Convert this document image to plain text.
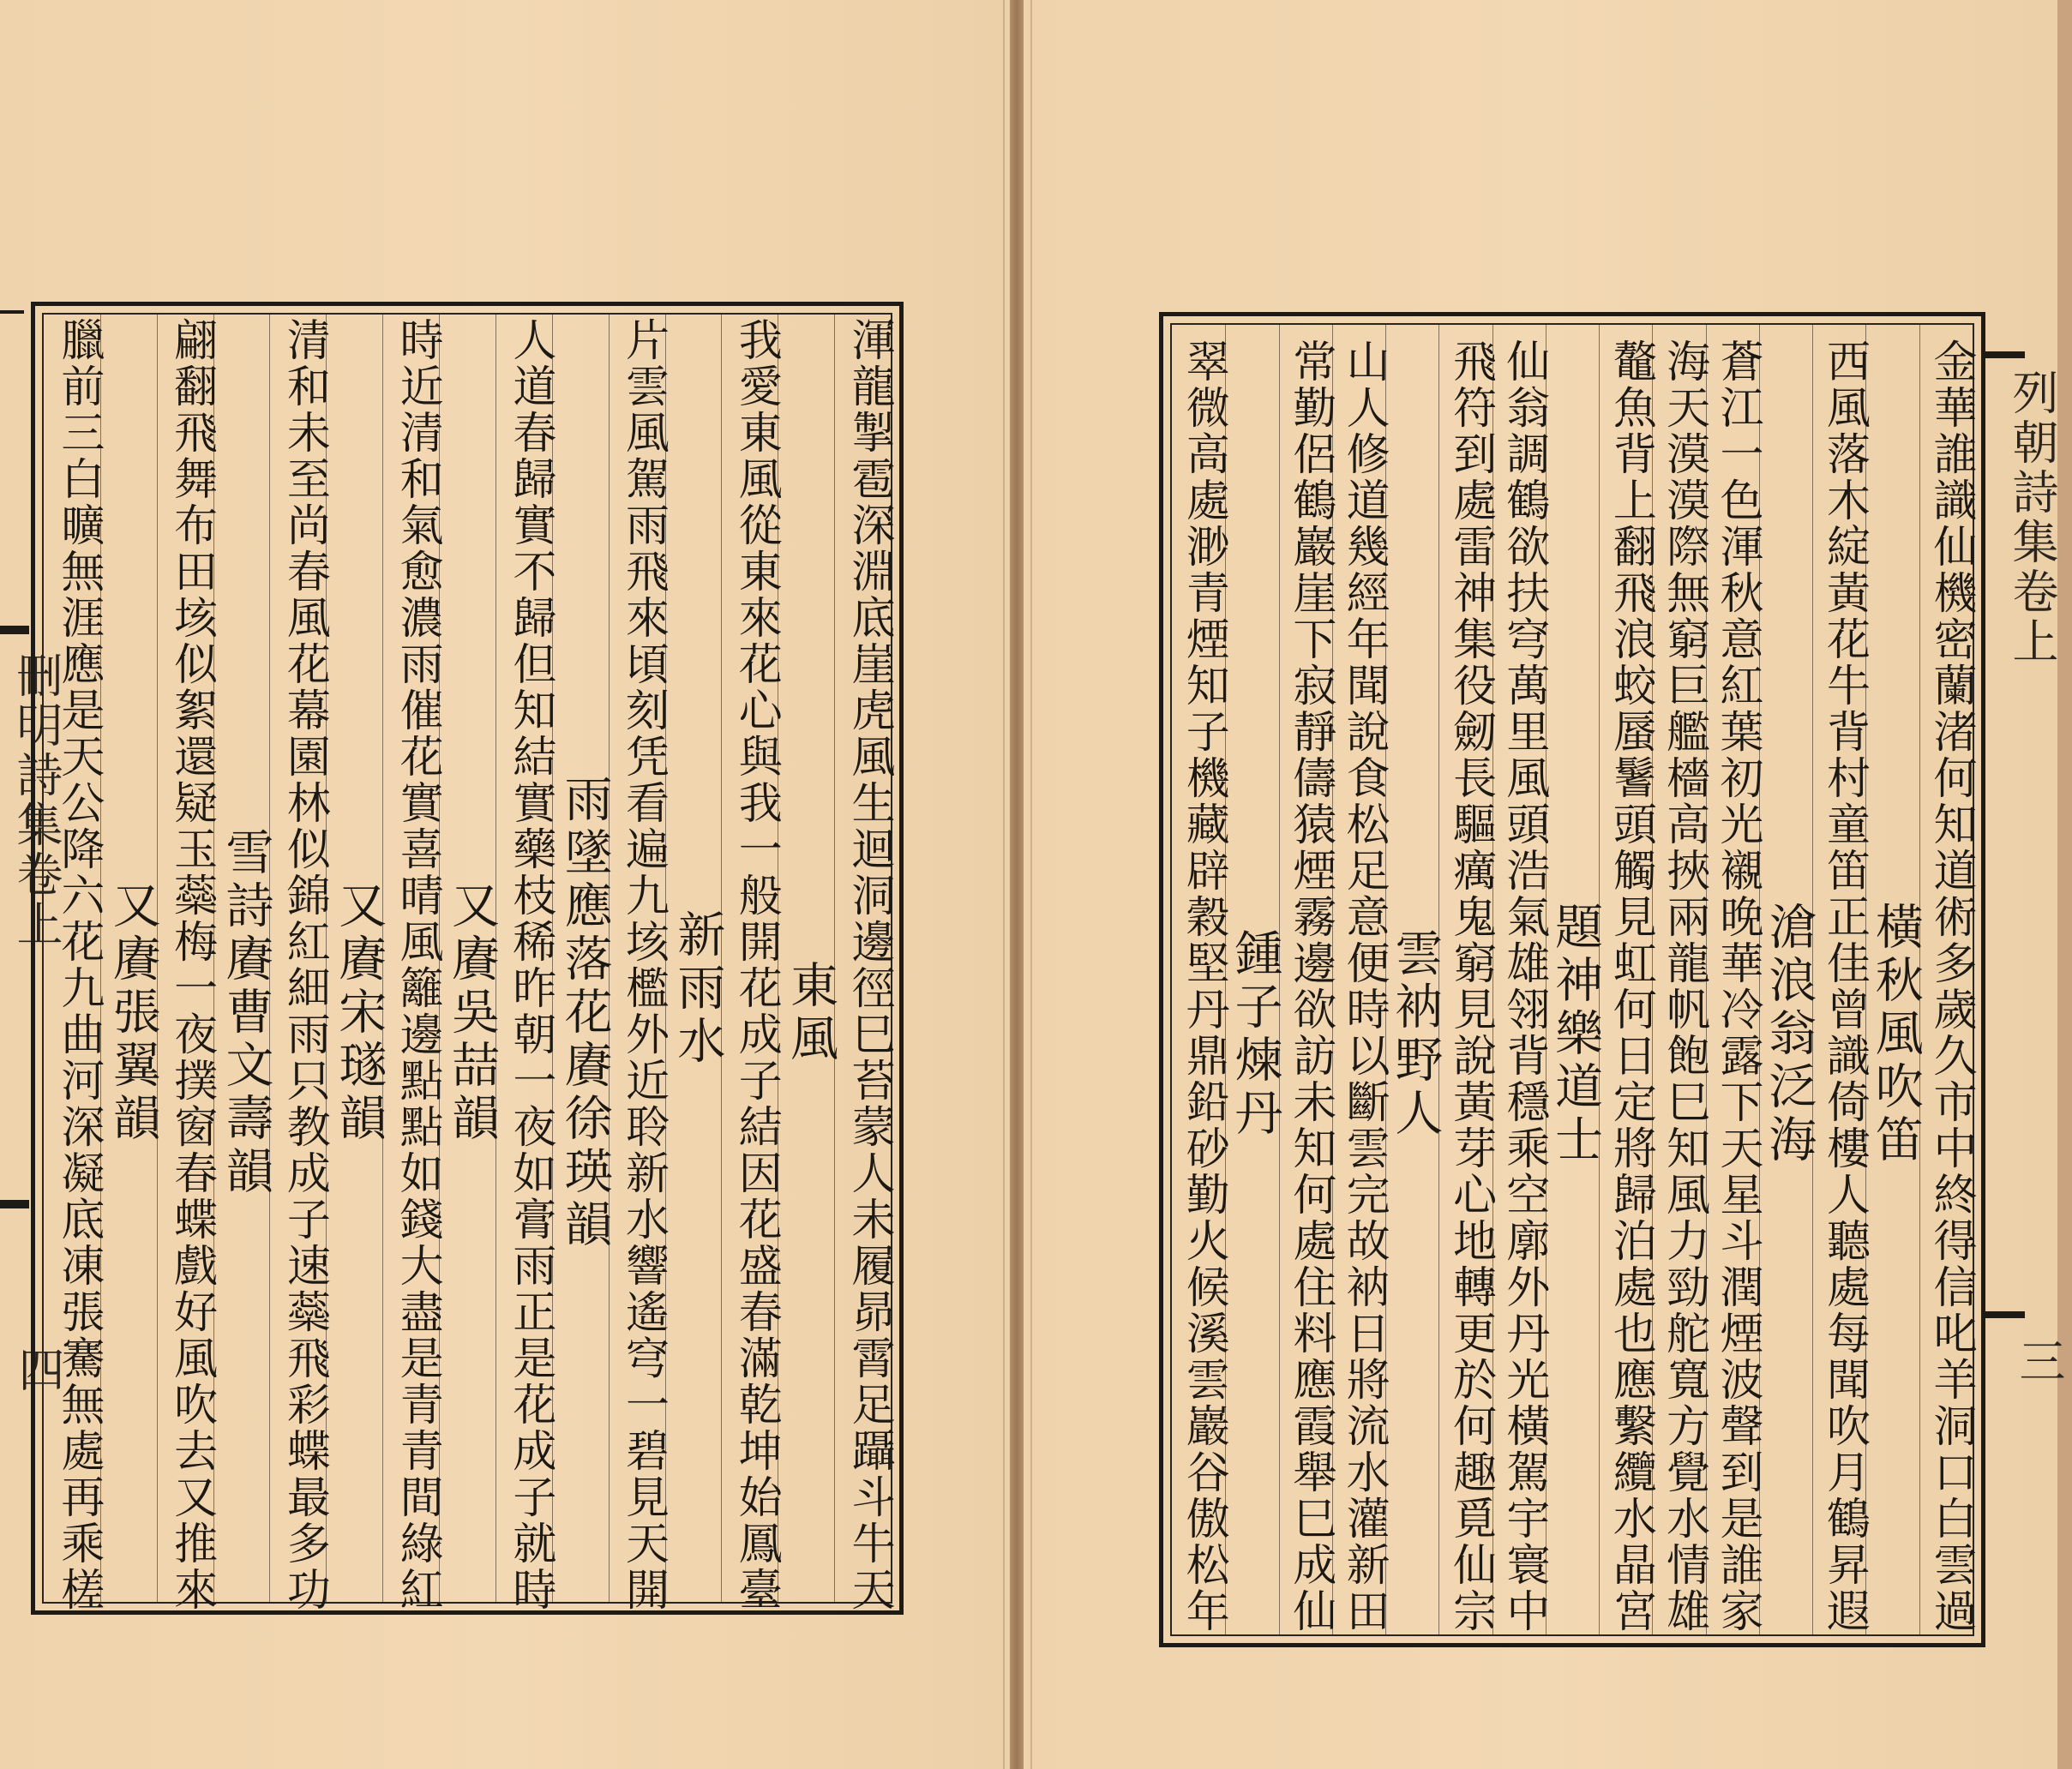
刪明詩集卷上
四	渾龍掣雹深淵底崖虎風生迴洞邊徑巳苔蒙人未履昴霄足躡斗牛天
東風
我愛東風從東來花心與我一般開花成子結因花盛春滿乾坤始鳳臺
新雨水
片雲風駕雨飛來頃刻凭看遍九垓檻外近聆新水響遙穹一碧見天開
雨墜應落花賡徐瑛韻
人道春歸實不歸但知結實藥枝稀昨朝一夜如膏雨正是花成子就時
又賡吳喆韻
時近清和氣愈濃雨催花實喜晴風籬邊點點如錢大盡是青青間綠紅
又賡宋璲韻
清和未至尚春風花幕園林似錦紅細雨只教成子速蘂飛彩蝶最多功
雪詩賡曹文壽韻
翩翻飛舞布田垓似絮還疑玉蘂梅一夜撲窗春蝶戲好風吹去又推來
又賡張翼韻
臘前三白曠無涯應是天公降六花九曲河深凝底凍張騫無處再乘槎	列朝詩集卷上
三
金華誰識仙機密蘭渚何知道術多歲久市中終得信叱羊洞口白雲過
橫秋風吹笛
西風落木綻黃花牛背村童笛正佳曾識倚樓人聽處每聞吹月鶴昇遐
滄浪翁泛海
蒼江一色渾秋意紅葉初光襯晚華冷露下天星斗潤煙波聲到是誰家
海天漠漠際無窮巨艦檣高挾兩龍帆飽巳知風力勁舵寬方覺水情雄
鼇魚背上翻飛浪蛟蜃鬐頭觸見虹何日定將歸泊處也應繫纜水晶宮
題神樂道士
仙翁調鶴欲扶穹萬里風頭浩氣雄翎背穩乘空廓外丹光橫駕宇寰中
飛符到處雷神集役劒長驅癘鬼窮見說黃芽心地轉更於何趣覓仙宗
雲衲野人
山人修道幾經年聞說食松足意便時以斷雲完故衲日將流水灌新田
常勤侶鶴巖崖下寂靜儔猿煙霧邊欲訪未知何處住料應霞舉巳成仙
鍾子煉丹
翠微高處渺青煙知子機藏辟穀堅丹鼎鉛砂勤火候溪雲巖谷傲松年
